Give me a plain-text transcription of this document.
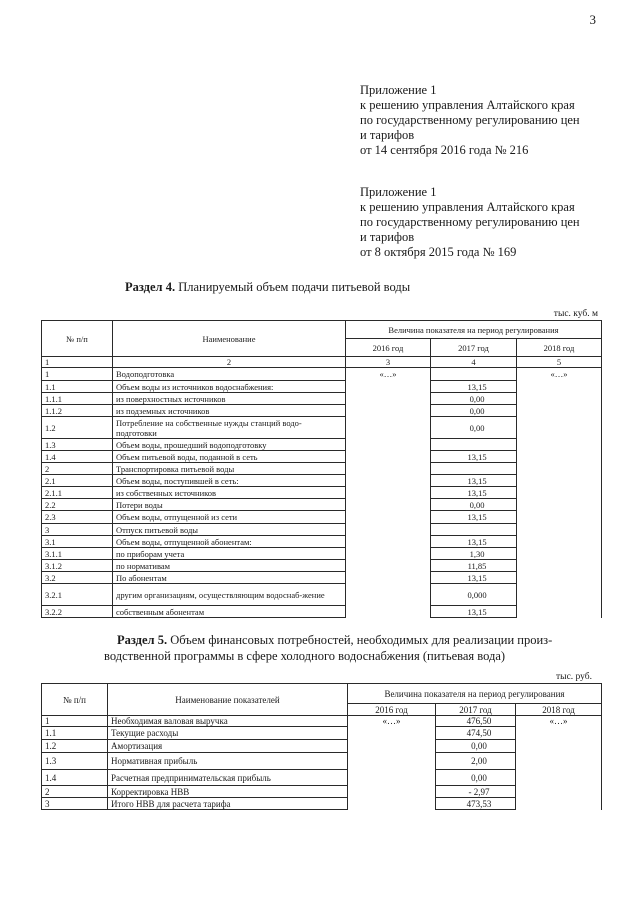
3
Приложение 1
к решению управления Алтайского края
по государственному регулированию цен
и тарифов
от 14 сентября 2016 года № 216
Приложение 1
к решению управления Алтайского края
по государственному регулированию цен
и тарифов
от 8 октября 2015 года № 169
Раздел 4. Планируемый объем подачи питьевой воды
тыс. куб. м
№ п/п	Наименование	Величина показателя на период регулирования		
		2016 год	2017 год	2018 год
1	2	3	4	5
1	Водоподготовка	«…»		«…»
1.1	Объем воды из источников водоснабжения:		13,15	
1.1.1	из поверхностных источников		0,00	
1.1.2	из подземных источников		0,00	
1.2	Потребление на собственные нужды станций водо-подготовки		0,00	
1.3	Объем воды, прошедший водоподготовку			
1.4	Объем питьевой воды, поданной в сеть		13,15	
2	Транспортировка питьевой воды			
2.1	Объем воды, поступившей в сеть:		13,15	
2.1.1	из собственных источников		13,15	
2.2	Потери воды		0,00	
2.3	Объем воды, отпущенной из сети		13,15	
3	Отпуск питьевой воды			
3.1	Объем воды, отпущенной абонентам:		13,15	
3.1.1	по приборам учета		1,30	
3.1.2	по нормативам		11,85	
3.2	По абонентам		13,15	
3.2.1	другим организациям, осуществляющим водоснаб-жение		0,000	
3.2.2	собственным абонентам		13,15	
Раздел 5. Объем финансовых потребностей, необходимых для реализации произ-
водственной программы в сфере холодного водоснабжения (питьевая вода)
тыс. руб.
№ п/п	Наименование показателей	Величина показателя на период регулирования		
		2016 год	2017 год	2018 год
1	Необходимая валовая выручка	«…»	476,50	«…»
1.1	Текущие расходы		474,50	
1.2	Амортизация		0,00	
1.3	Нормативная прибыль		2,00	
1.4	Расчетная предпринимательская прибыль		0,00	
2	Корректировка НВВ		- 2,97	
3	Итого НВВ для расчета тарифа		473,53	
